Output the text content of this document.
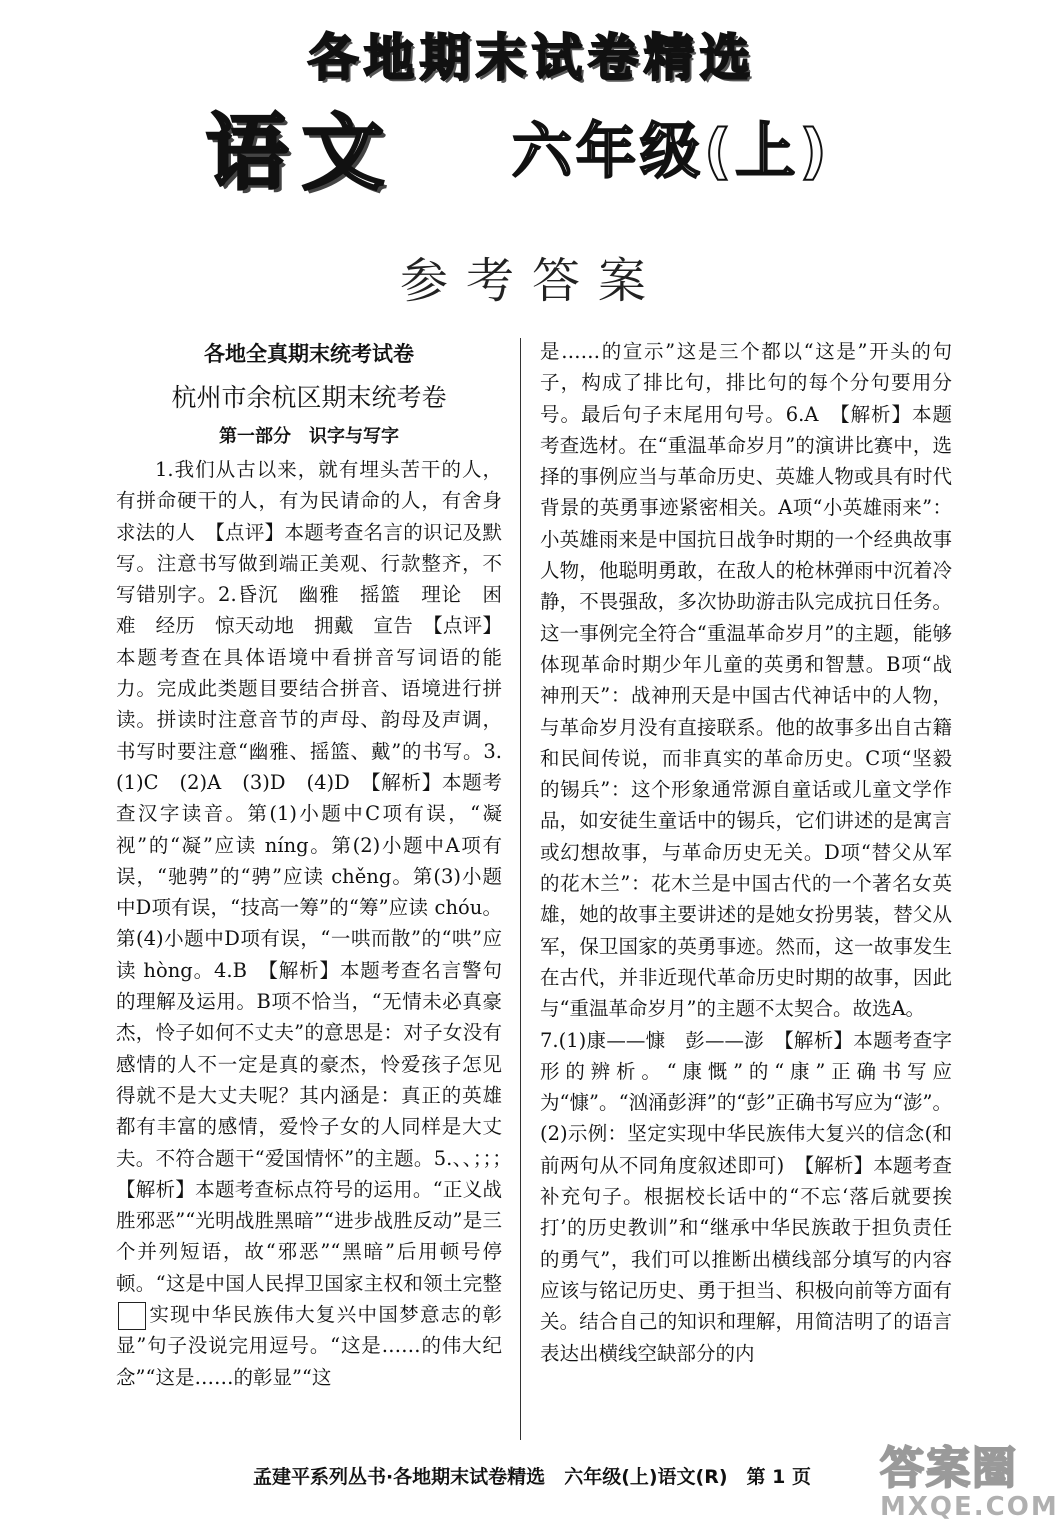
各地期末试卷精选
语文 六年级(上)
参考答案
各地全真期末统考试卷
杭州市余杭区期末统考卷
第一部分　识字与写字

1.我们从古以来，就有埋头苦干的人，有拼命硬干的人，有为民请命的人，有舍身求法的人　【点评】本题考查名言的识记及默写。注意书写做到端正美观、行款整齐，不写错别字。2.昏沉　幽雅　摇篮　理论　困难　经历　惊天动地　拥戴　宣告　【点评】本题考查在具体语境中看拼音写词语的能力。完成此类题目要结合拼音、语境进行拼读。拼读时注意音节的声母、韵母及声调，书写时要注意“幽雅、摇篮、戴”的书写。3.(1)C　(2)A　(3)D　(4)D　【解析】本题考查汉字读音。第(1)小题中C项有误，“凝视”的“凝”应读 níng。第(2)小题中A项有误，“驰骋”的“骋”应读 chěng。第(3)小题中D项有误，“技高一筹”的“筹”应读 chóu。第(4)小题中D项有误，“一哄而散”的“哄”应读 hòng。4.B　【解析】本题考查名言警句的理解及运用。B项不恰当，“无情未必真豪杰，怜子如何不丈夫”的意思是：对子女没有感情的人不一定是真的豪杰，怜爱孩子怎见得就不是大丈夫呢？其内涵是：真正的英雄都有丰富的感情，爱怜子女的人同样是大丈夫。不符合题干“爱国情怀”的主题。5.、、；；；　【解析】本题考查标点符号的运用。“正义战胜邪恶”“光明战胜黑暗”“进步战胜反动”是三个并列短语，故“邪恶”“黑暗”后用顿号停顿。“这是中国人民捍卫国家主权和领土完整实现中华民族伟大复兴中国梦意志的彰显”句子没说完用逗号。“这是……的伟大纪念”“这是……的彰显”“这

是……的宣示”这是三个都以“这是”开头的句子，构成了排比句，排比句的每个分句要用分号。最后句子末尾用句号。6.A　【解析】本题考查选材。在“重温革命岁月”的演讲比赛中，选择的事例应当与革命历史、英雄人物或具有时代背景的英勇事迹紧密相关。A项“小英雄雨来”：小英雄雨来是中国抗日战争时期的一个经典故事人物，他聪明勇敢，在敌人的枪林弹雨中沉着冷静，不畏强敌，多次协助游击队完成抗日任务。这一事例完全符合“重温革命岁月”的主题，能够体现革命时期少年儿童的英勇和智慧。B项“战神刑天”：战神刑天是中国古代神话中的人物，与革命岁月没有直接联系。他的故事多出自古籍和民间传说，而非真实的革命历史。C项“坚毅的锡兵”：这个形象通常源自童话或儿童文学作品，如安徒生童话中的锡兵，它们讲述的是寓言或幻想故事，与革命历史无关。D项“替父从军的花木兰”：花木兰是中国古代的一个著名女英雄，她的故事主要讲述的是她女扮男装，替父从军，保卫国家的英勇事迹。然而，这一故事发生在古代，并非近现代革命历史时期的故事，因此与“重温革命岁月”的主题不太契合。故选A。

7.(1)康——慷　彭——澎　【解析】本题考查字形的辨析。“康慨”的“康”正确书写应为“慷”。“汹涌彭湃”的“彭”正确书写应为“澎”。(2)示例：坚定实现中华民族伟大复兴的信念(和前两句从不同角度叙述即可)　【解析】本题考查补充句子。根据校长话中的“不忘‘落后就要挨打’的历史教训”和“继承中华民族敢于担负责任的勇气”，我们可以推断出横线部分填写的内容应该与铭记历史、勇于担当、积极向前等方面有关。结合自己的知识和理解，用简洁明了的语言表达出横线空缺部分的内

孟建平系列丛书·各地期末试卷精选　六年级(上)语文(R)　第 1 页	答案圈
MXQE.COM
